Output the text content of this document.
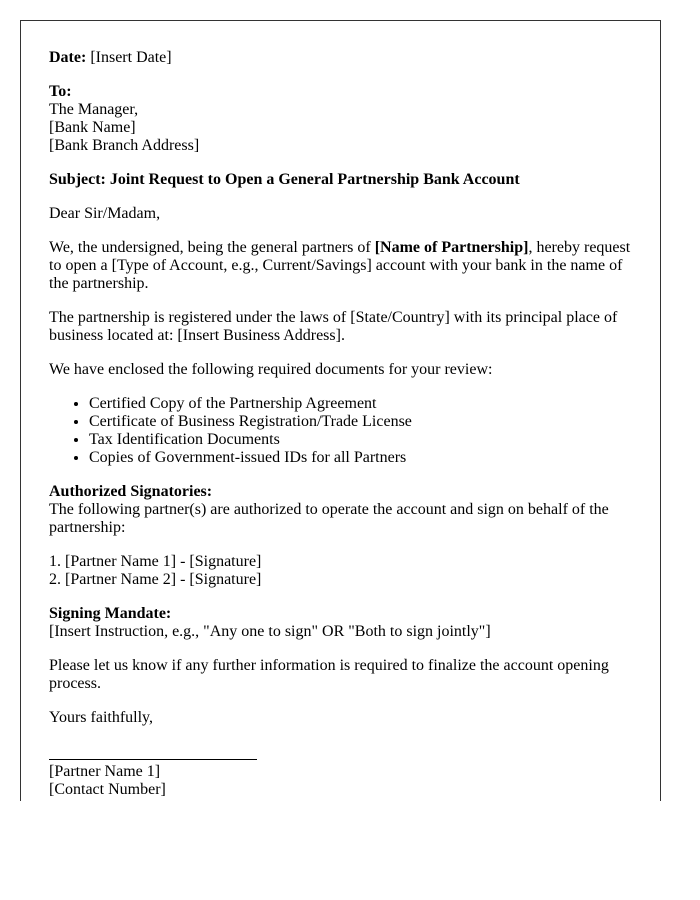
Date: [Insert Date]

To:
The Manager,
[Bank Name]
[Bank Branch Address]

Subject: Joint Request to Open a General Partnership Bank Account

Dear Sir/Madam,

We, the undersigned, being the general partners of [Name of Partnership], hereby request to open a [Type of Account, e.g., Current/Savings] account with your bank in the name of the partnership.

The partnership is registered under the laws of [State/Country] with its principal place of business located at: [Insert Business Address].

We have enclosed the following required documents for your review:

• Certified Copy of the Partnership Agreement
• Certificate of Business Registration/Trade License
• Tax Identification Documents
• Copies of Government-issued IDs for all Partners
Authorized Signatories:
The following partner(s) are authorized to operate the account and sign on behalf of the partnership:
1. [Partner Name 1] - [Signature]
2. [Partner Name 2] - [Signature]
Signing Mandate:
[Insert Instruction, e.g., "Any one to sign" OR "Both to sign jointly"]

Please let us know if any further information is required to finalize the account opening process.

Yours faithfully,

[Partner Name 1]
[Contact Number]
